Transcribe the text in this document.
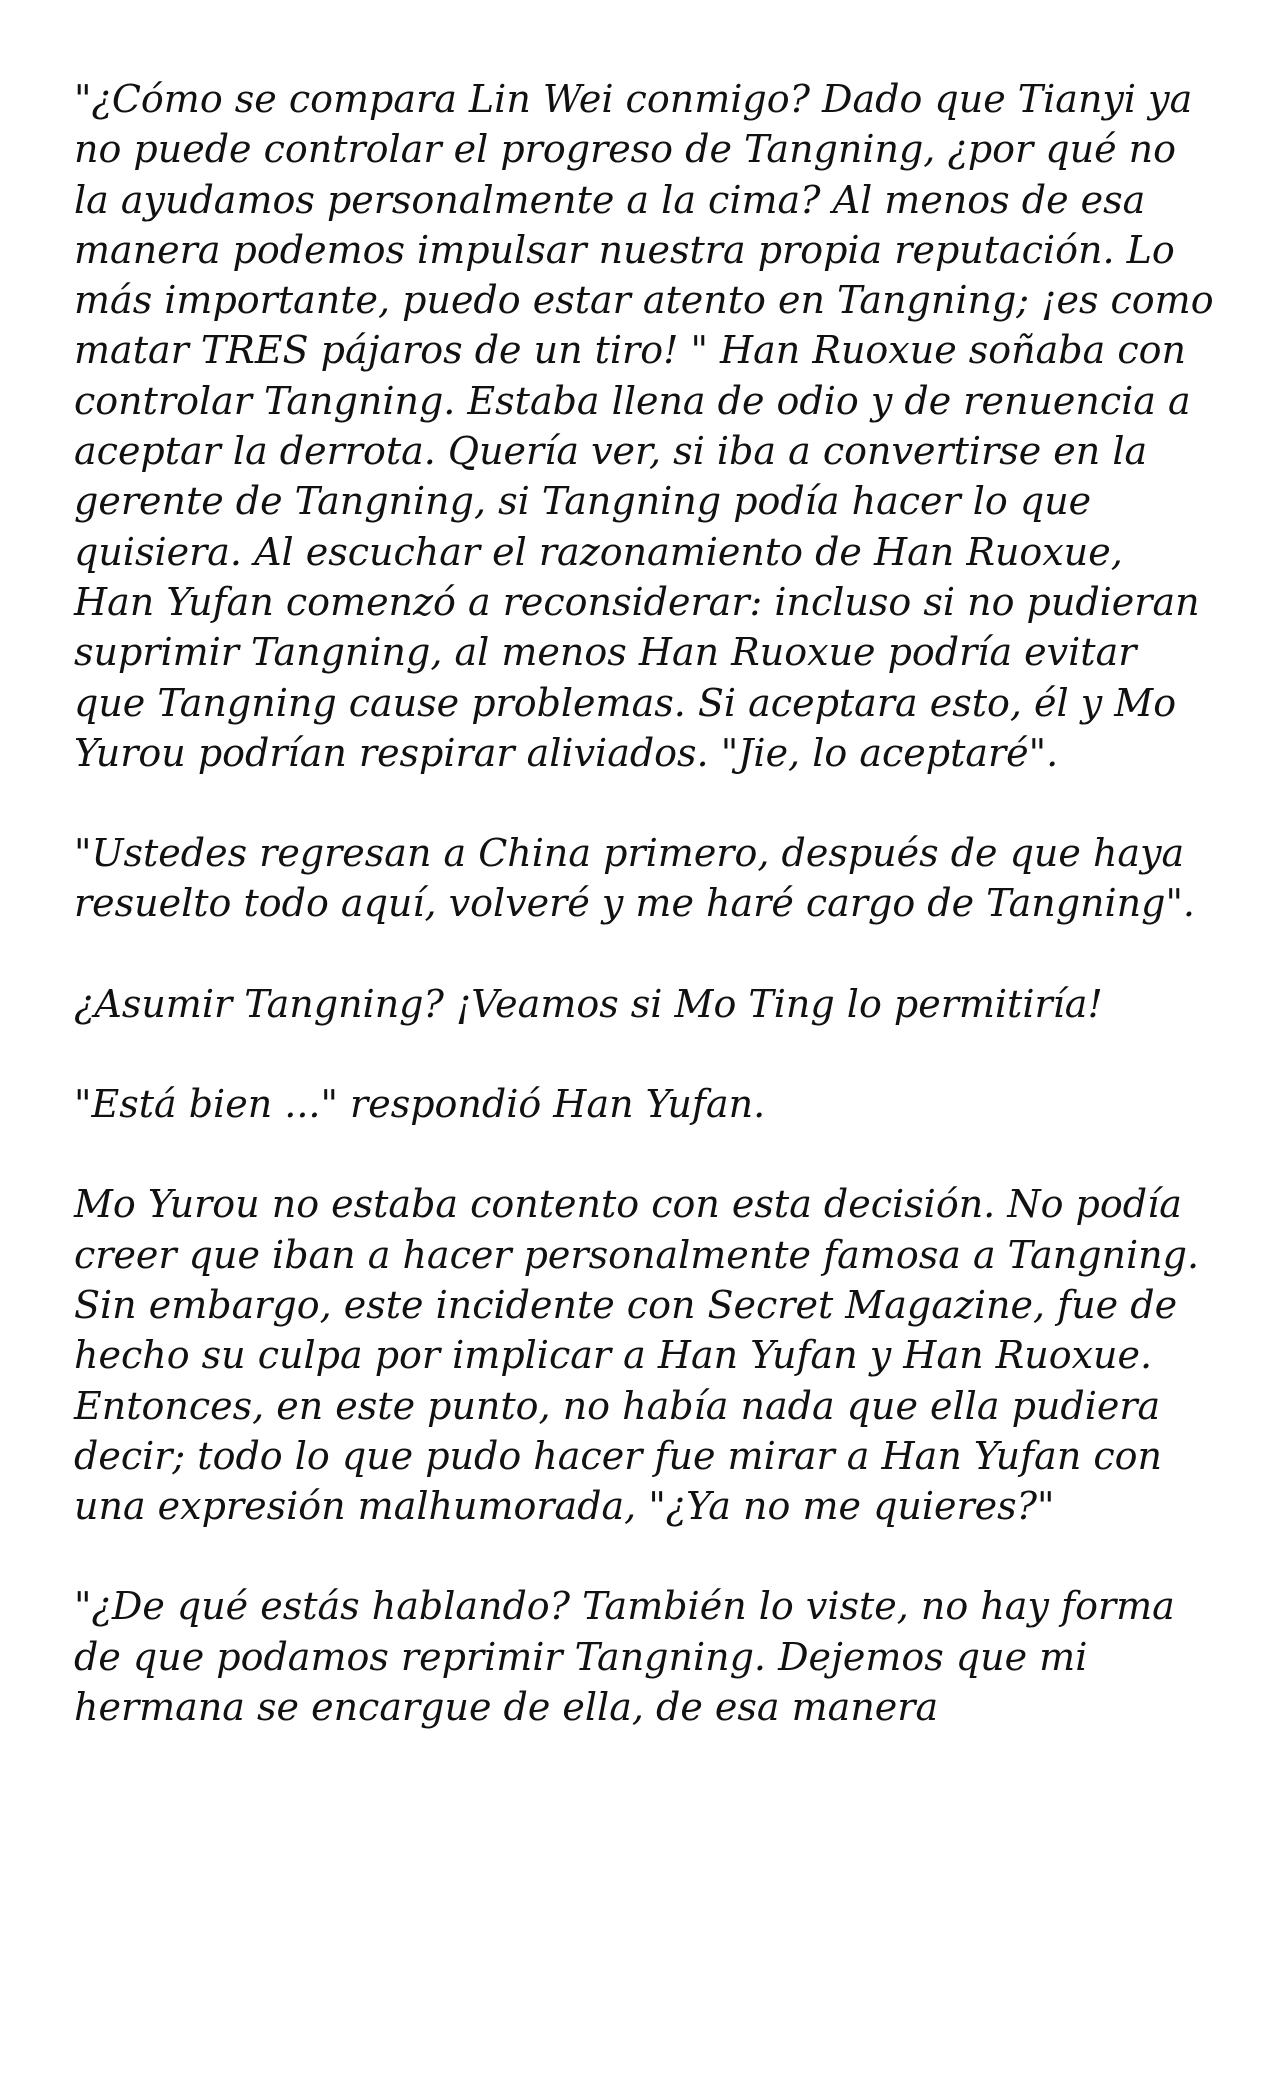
"¿Cómo se compara Lin Wei conmigo? Dado que Tianyi ya no puede controlar el progreso de Tangning, ¿por qué no la ayudamos personalmente a la cima? Al menos de esa manera podemos impulsar nuestra propia reputación. Lo más importante, puedo estar atento en Tangning; ¡es como matar TRES pájaros de un tiro! " Han Ruoxue soñaba con controlar Tangning. Estaba llena de odio y de renuencia a aceptar la derrota. Quería ver, si iba a convertirse en la gerente de Tangning, si Tangning podía hacer lo que quisiera. Al escuchar el razonamiento de Han Ruoxue, Han Yufan comenzó a reconsiderar: incluso si no pudieran suprimir Tangning, al menos Han Ruoxue podría evitar que Tangning cause problemas. Si aceptara esto, él y Mo Yurou podrían respirar aliviados. "Jie, lo aceptaré".

"Ustedes regresan a China primero, después de que haya resuelto todo aquí, volveré y me haré cargo de Tangning".

¿Asumir Tangning? ¡Veamos si Mo Ting lo permitiría!

"Está bien ..." respondió Han Yufan.

Mo Yurou no estaba contento con esta decisión. No podía creer que iban a hacer personalmente famosa a Tangning. Sin embargo, este incidente con Secret Magazine, fue de hecho su culpa por implicar a Han Yufan y Han Ruoxue. Entonces, en este punto, no había nada que ella pudiera decir; todo lo que pudo hacer fue mirar a Han Yufan con una expresión malhumorada, "¿Ya no me quieres?"

"¿De qué estás hablando? También lo viste, no hay forma de que podamos reprimir Tangning. Dejemos que mi hermana se encargue de ella, de esa manera
